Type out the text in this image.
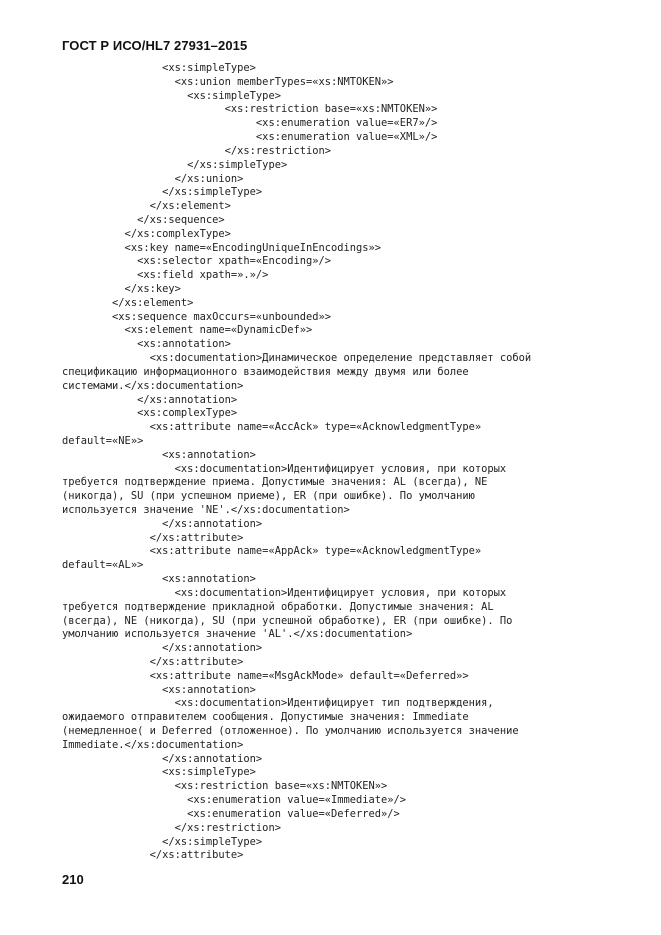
ГОСТ Р ИСО/HL7 27931–2015
<xs:simpleType>
<xs:union memberTypes=«xs:NMTOKEN»>
<xs:simpleType>
<xs:restriction base=«xs:NMTOKEN»>
<xs:enumeration value=«ER7»/>
<xs:enumeration value=«XML»/>
</xs:restriction>
</xs:simpleType>
</xs:union>
</xs:simpleType>
</xs:element>
</xs:sequence>
</xs:complexType>
<xs:key name=«EncodingUniqueInEncodings»>
<xs:selector xpath=«Encoding»/>
<xs:field xpath=».»/>
</xs:key>
</xs:element>
<xs:sequence maxOccurs=«unbounded»>
<xs:element name=«DynamicDef»>
<xs:annotation>
<xs:documentation>Динамическое определение представляет собой
спецификацию информационного взаимодействия между двумя или более
системами.</xs:documentation>
</xs:annotation>
<xs:complexType>
<xs:attribute name=«AccAck» type=«AcknowledgmentType»
default=«NE»>
<xs:annotation>
<xs:documentation>Идентифицирует условия, при которых
требуется подтверждение приема. Допустимые значения: AL (всегда), NE
(никогда), SU (при успешном приеме), ER (при ошибке). По умолчанию
используется значение 'NE'.</xs:documentation>
</xs:annotation>
</xs:attribute>
<xs:attribute name=«AppAck» type=«AcknowledgmentType»
default=«AL»>
<xs:annotation>
<xs:documentation>Идентифицирует условия, при которых
требуется подтверждение прикладной обработки. Допустимые значения: AL
(всегда), NE (никогда), SU (при успешной обработке), ER (при ошибке). По
умолчанию используется значение 'AL'.</xs:documentation>
</xs:annotation>
</xs:attribute>
<xs:attribute name=«MsgAckMode» default=«Deferred»>
<xs:annotation>
<xs:documentation>Идентифицирует тип подтверждения,
ожидаемого отправителем сообщения. Допустимые значения: Immediate
(немедленное( и Deferred (отложенное). По умолчанию используется значение
Immediate.</xs:documentation>
</xs:annotation>
<xs:simpleType>
<xs:restriction base=«xs:NMTOKEN»>
<xs:enumeration value=«Immediate»/>
<xs:enumeration value=«Deferred»/>
</xs:restriction>
</xs:simpleType>
</xs:attribute>
210
